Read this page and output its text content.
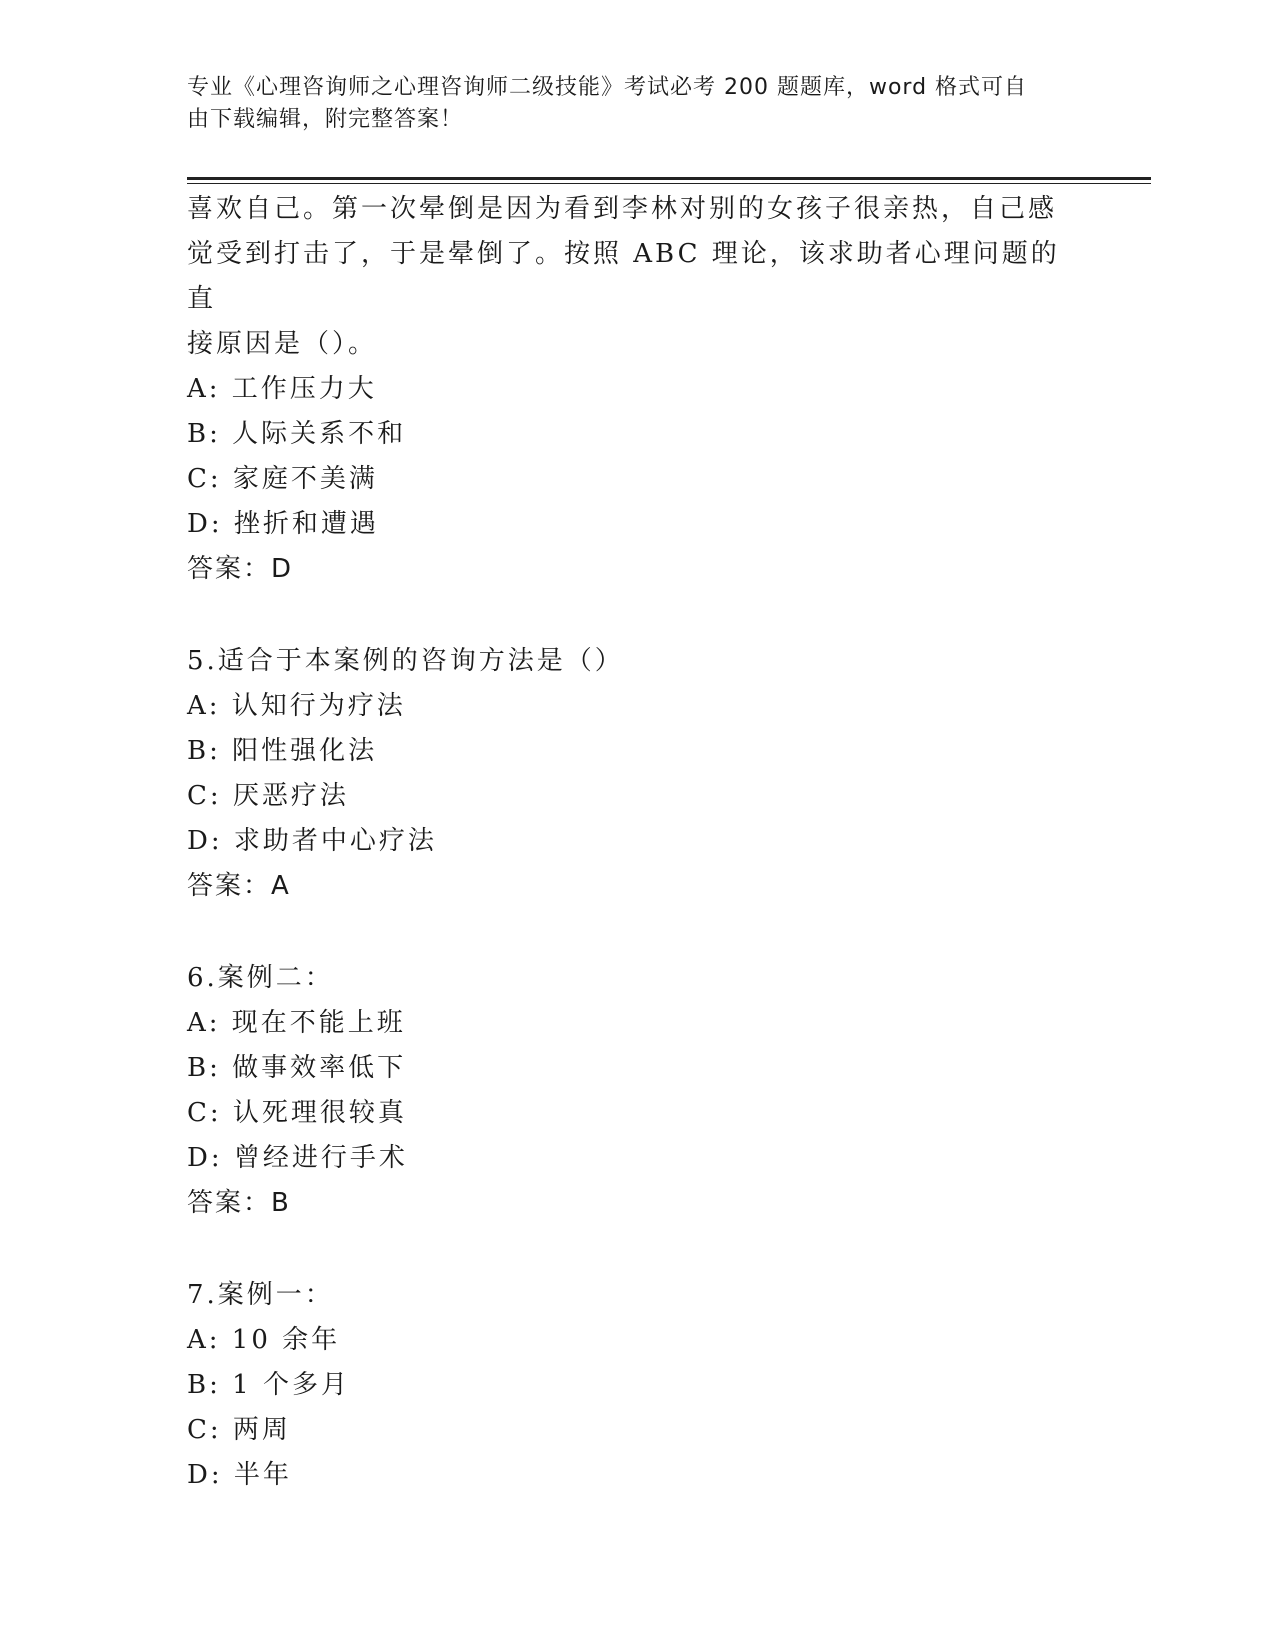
专业《心理咨询师之心理咨询师二级技能》考试必考 200 题题库，word 格式可自
由下载编辑，附完整答案！
喜欢自己。第一次晕倒是因为看到李林对别的女孩子很亲热，自己感
觉受到打击了，于是晕倒了。按照 ABC 理论，该求助者心理问题的直
接原因是（）。
A: 工作压力大
B: 人际关系不和
C: 家庭不美满
D: 挫折和遭遇
答案：D
5.适合于本案例的咨询方法是（）
A: 认知行为疗法
B: 阳性强化法
C: 厌恶疗法
D: 求助者中心疗法
答案：A
6.案例二：
A: 现在不能上班
B: 做事效率低下
C: 认死理很较真
D: 曾经进行手术
答案：B
7.案例一：
A: 10 余年
B: 1 个多月
C: 两周
D: 半年
